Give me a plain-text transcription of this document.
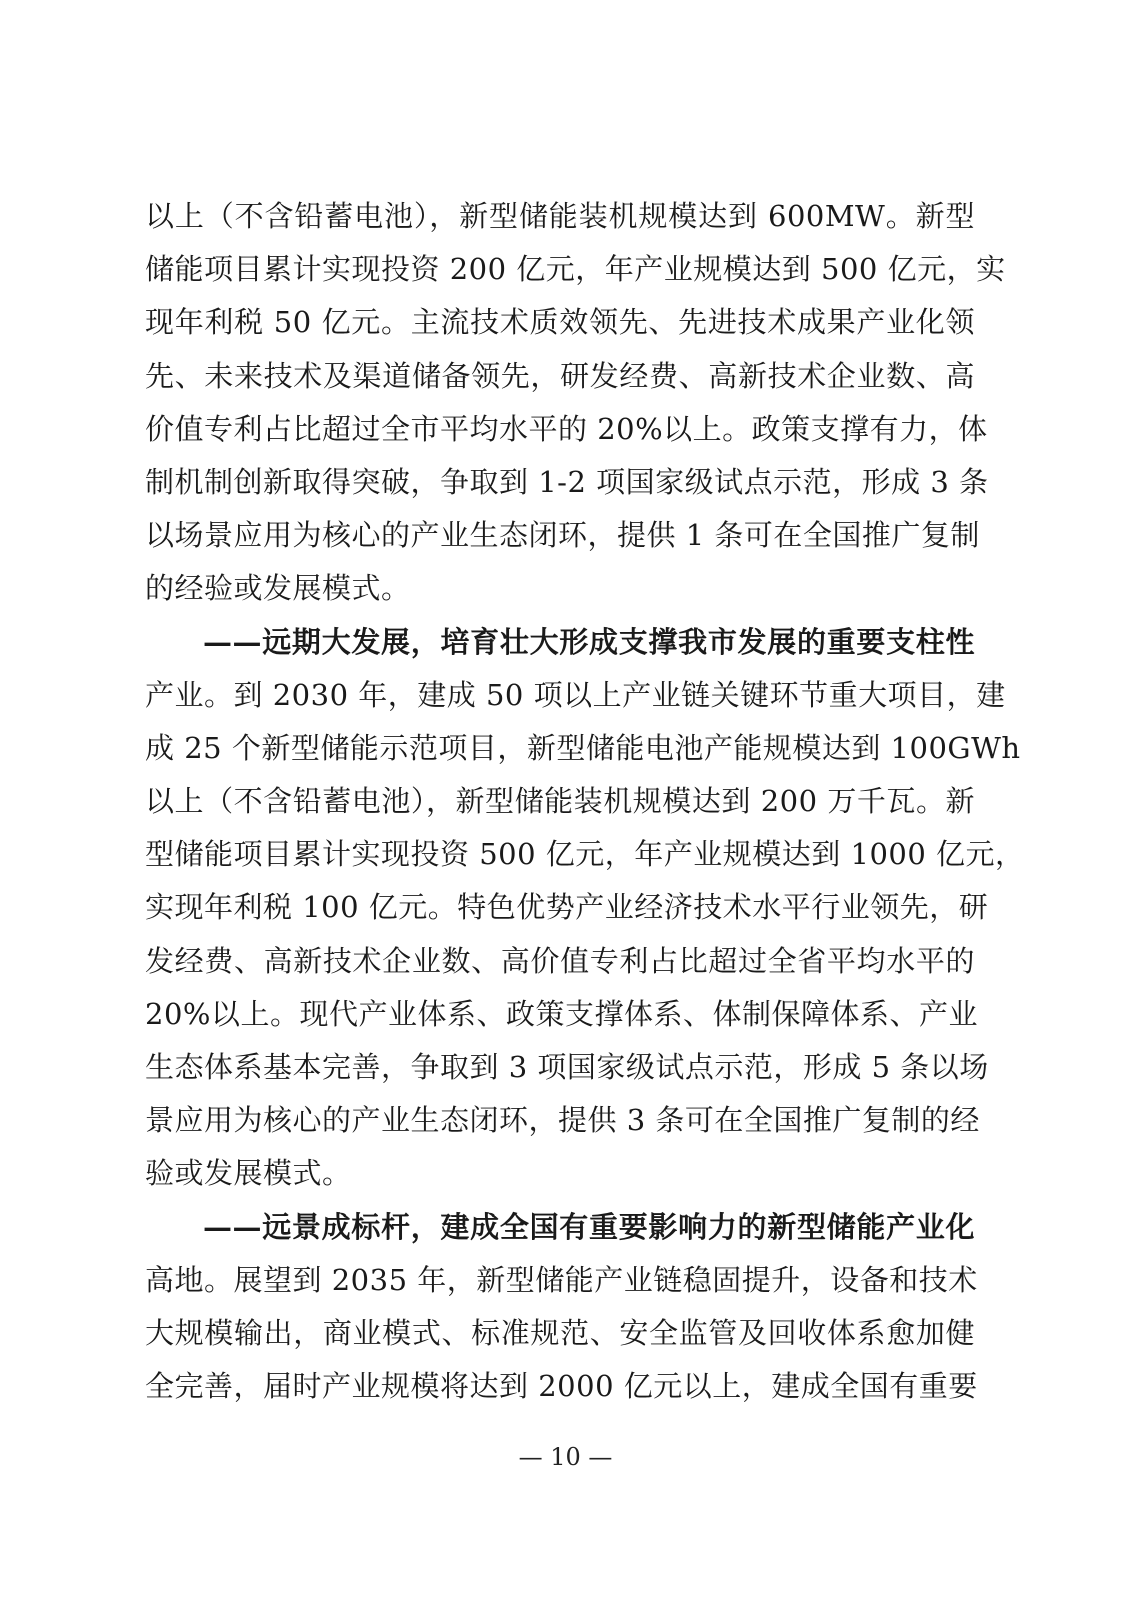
以上（不含铅蓄电池），新型储能装机规模达到 600MW。新型
储能项目累计实现投资 200 亿元，年产业规模达到 500 亿元，实
现年利税 50 亿元。主流技术质效领先、先进技术成果产业化领
先、未来技术及渠道储备领先，研发经费、高新技术企业数、高
价值专利占比超过全市平均水平的 20%以上。政策支撑有力，体
制机制创新取得突破，争取到 1-2 项国家级试点示范，形成 3 条
以场景应用为核心的产业生态闭环，提供 1 条可在全国推广复制
的经验或发展模式。
——远期大发展，培育壮大形成支撑我市发展的重要支柱性
产业。到 2030 年，建成 50 项以上产业链关键环节重大项目，建
成 25 个新型储能示范项目，新型储能电池产能规模达到 100GWh
以上（不含铅蓄电池），新型储能装机规模达到 200 万千瓦。新
型储能项目累计实现投资 500 亿元，年产业规模达到 1000 亿元，
实现年利税 100 亿元。特色优势产业经济技术水平行业领先，研
发经费、高新技术企业数、高价值专利占比超过全省平均水平的
20%以上。现代产业体系、政策支撑体系、体制保障体系、产业
生态体系基本完善，争取到 3 项国家级试点示范，形成 5 条以场
景应用为核心的产业生态闭环，提供 3 条可在全国推广复制的经
验或发展模式。
——远景成标杆，建成全国有重要影响力的新型储能产业化
高地。展望到 2035 年，新型储能产业链稳固提升，设备和技术
大规模输出，商业模式、标准规范、安全监管及回收体系愈加健
全完善，届时产业规模将达到 2000 亿元以上，建成全国有重要
— 10 —
